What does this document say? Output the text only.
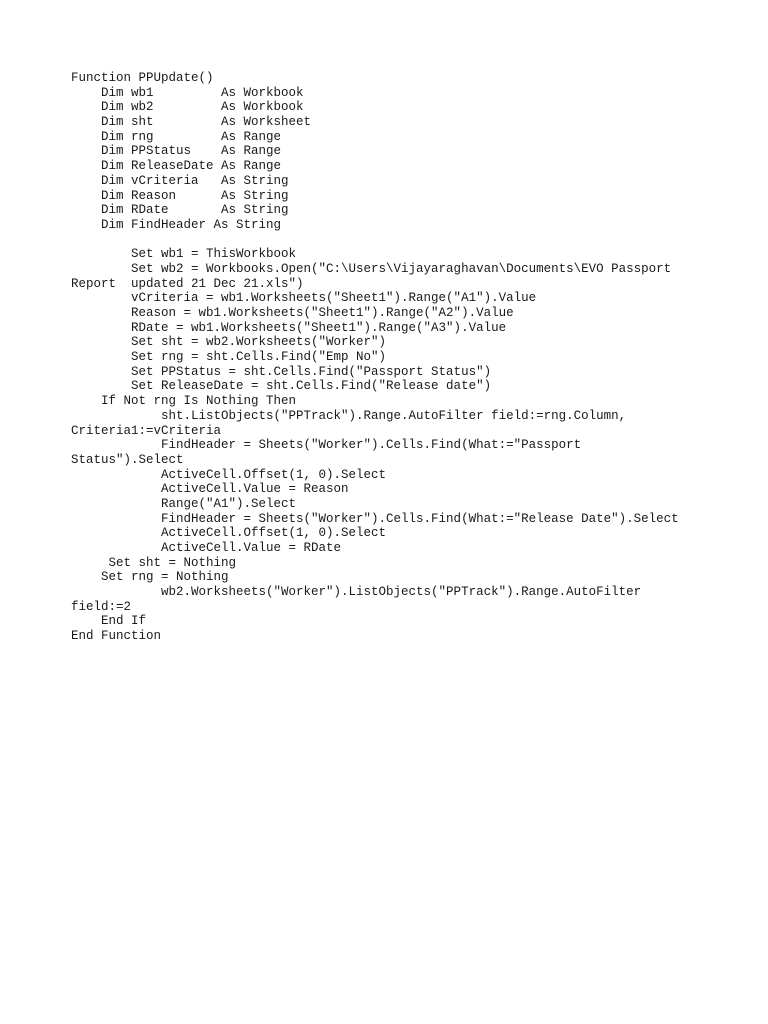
Function PPUpdate()
Dim wb1         As Workbook
Dim wb2         As Workbook
Dim sht         As Worksheet
Dim rng         As Range
Dim PPStatus    As Range
Dim ReleaseDate As Range
Dim vCriteria   As String
Dim Reason      As String
Dim RDate       As String
Dim FindHeader As String
Set wb1 = ThisWorkbook
Set wb2 = Workbooks.Open("C:\Users\Vijayaraghavan\Documents\EVO Passport
Report  updated 21 Dec 21.xls")
vCriteria = wb1.Worksheets("Sheet1").Range("A1").Value
Reason = wb1.Worksheets("Sheet1").Range("A2").Value
RDate = wb1.Worksheets("Sheet1").Range("A3").Value
Set sht = wb2.Worksheets("Worker")
Set rng = sht.Cells.Find("Emp No")
Set PPStatus = sht.Cells.Find("Passport Status")
Set ReleaseDate = sht.Cells.Find("Release date")
If Not rng Is Nothing Then
sht.ListObjects("PPTrack").Range.AutoFilter field:=rng.Column,
Criteria1:=vCriteria
FindHeader = Sheets("Worker").Cells.Find(What:="Passport
Status").Select
ActiveCell.Offset(1, 0).Select
ActiveCell.Value = Reason
Range("A1").Select
FindHeader = Sheets("Worker").Cells.Find(What:="Release Date").Select
ActiveCell.Offset(1, 0).Select
ActiveCell.Value = RDate
Set sht = Nothing
Set rng = Nothing
wb2.Worksheets("Worker").ListObjects("PPTrack").Range.AutoFilter
field:=2
End If
End Function
